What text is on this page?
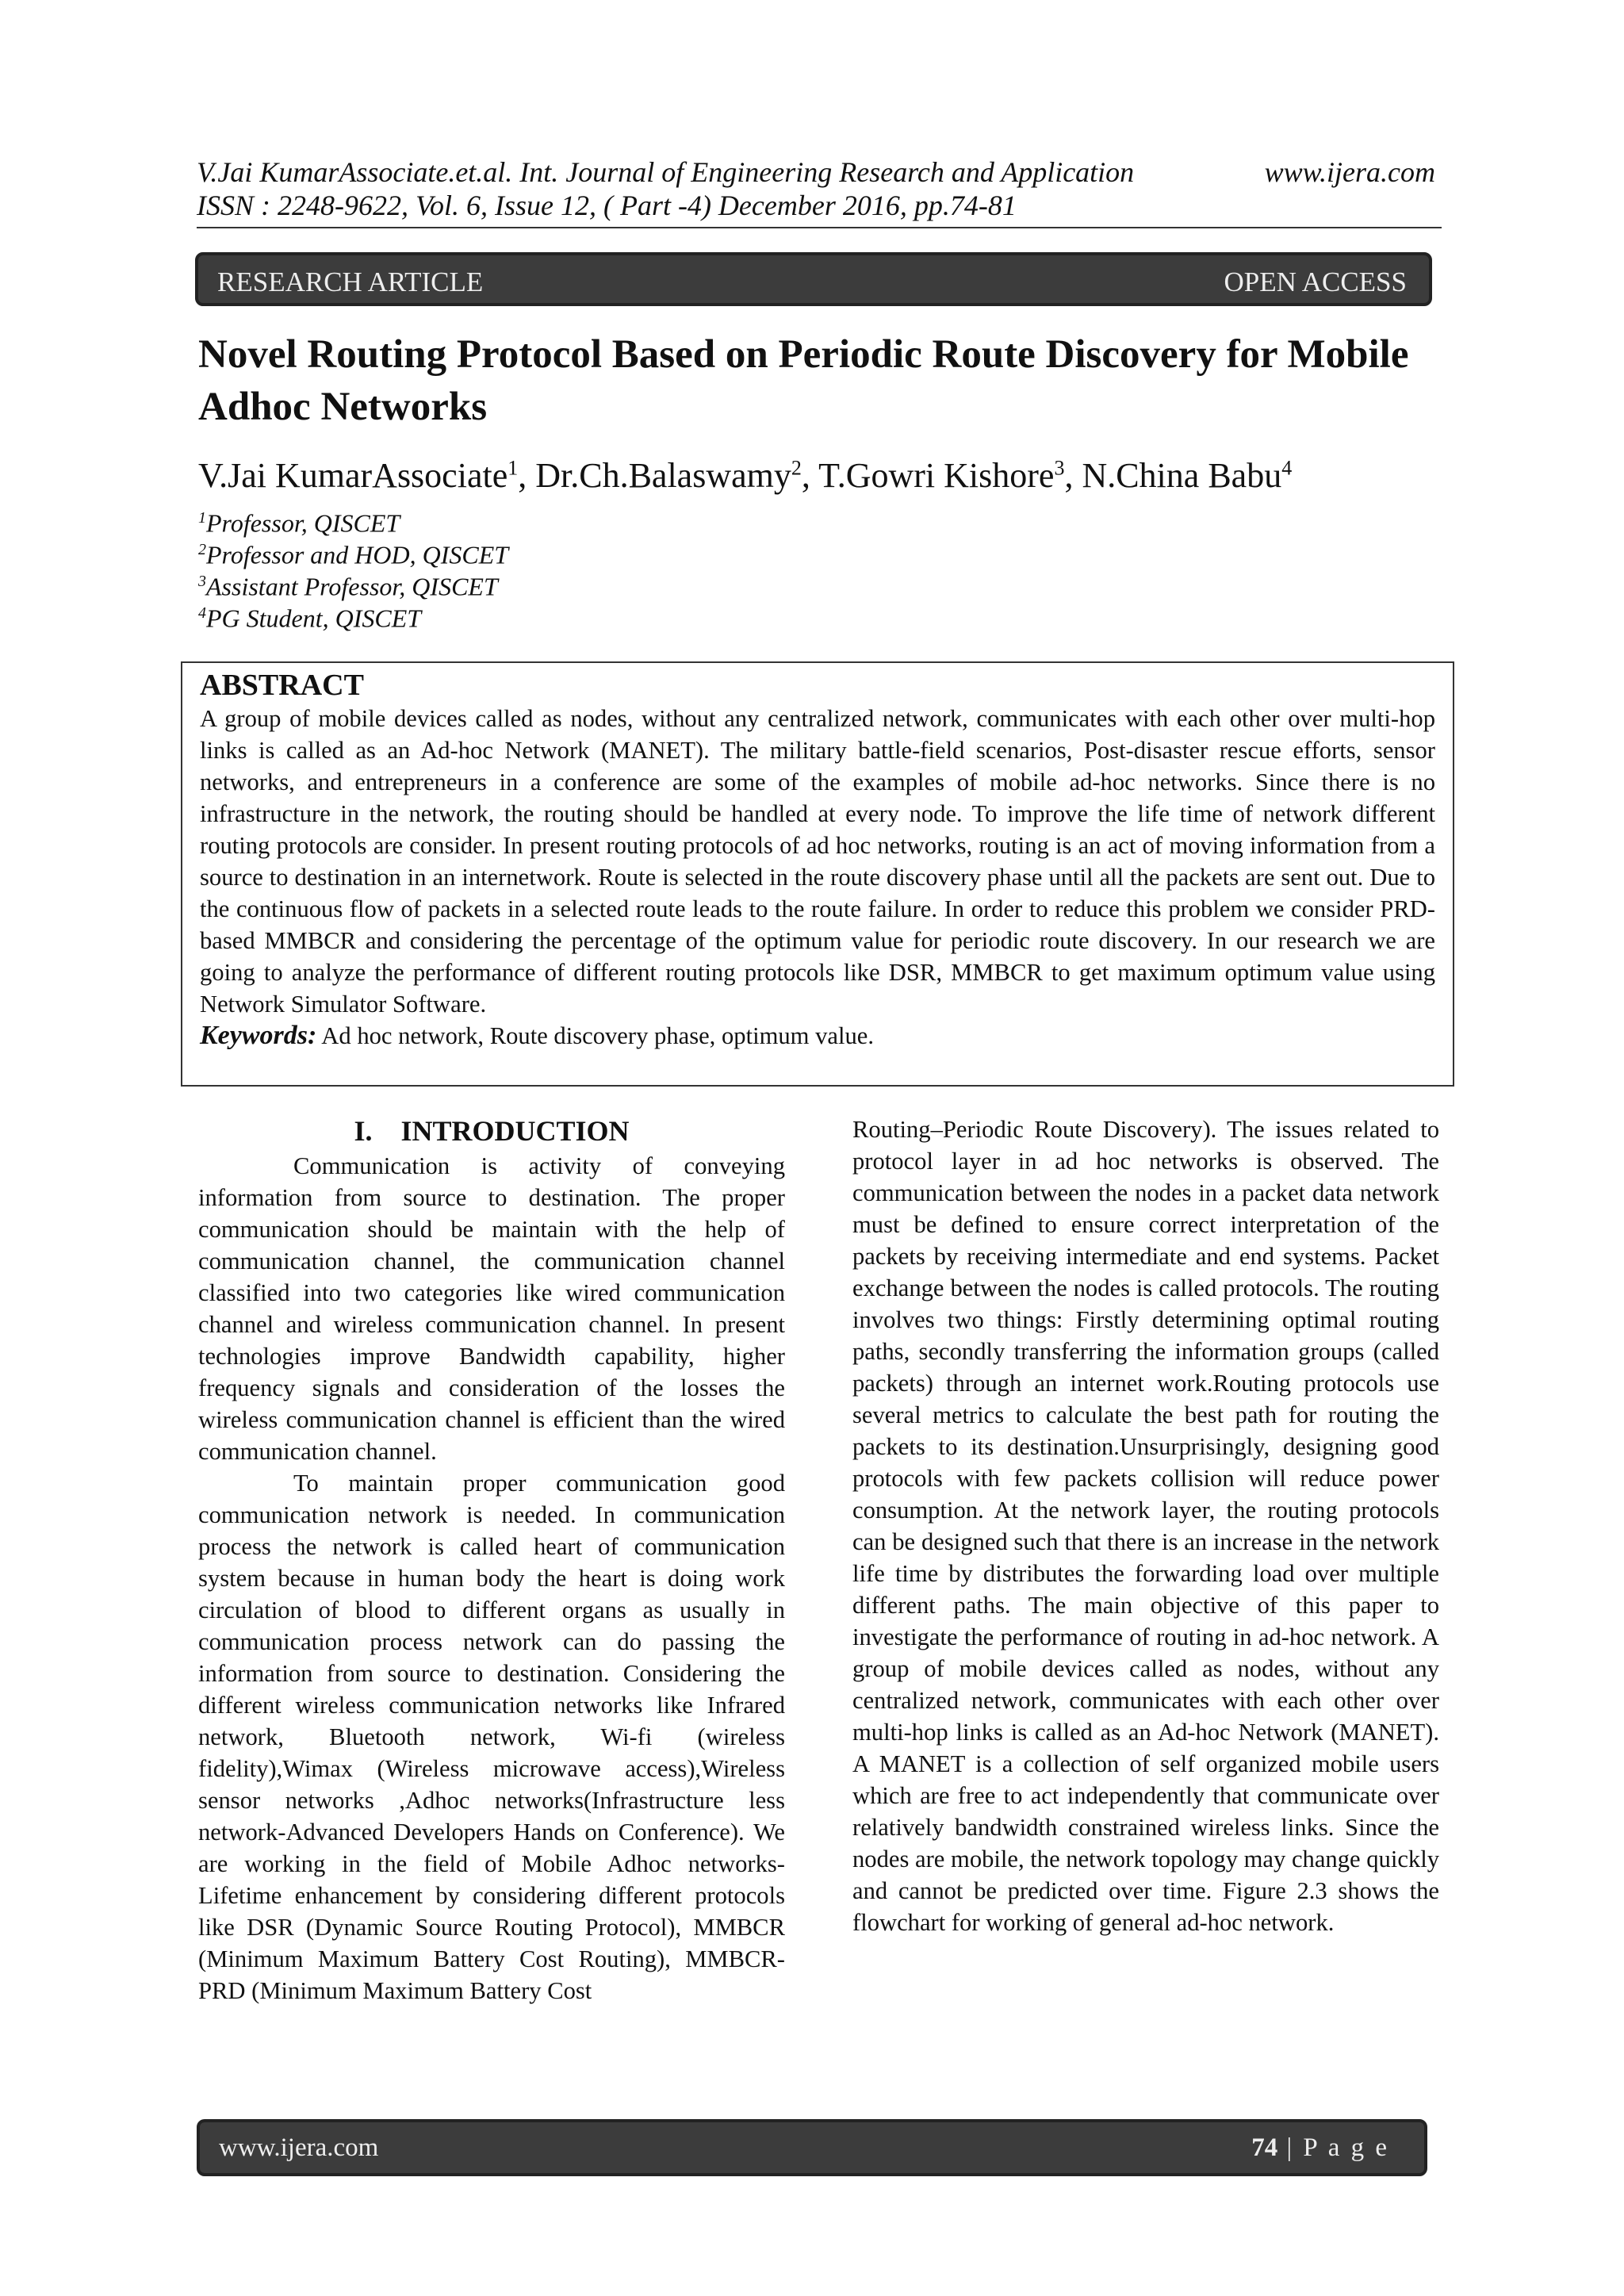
V.Jai KumarAssociate.et.al. Int. Journal of Engineering Research and Application
ISSN : 2248-9622, Vol. 6, Issue 12, ( Part -4) December 2016, pp.74-81
www.ijera.com
RESEARCH ARTICLE	OPEN ACCESS
Novel Routing Protocol Based on Periodic Route Discovery for Mobile Adhoc Networks
V.Jai KumarAssociate$^1$, Dr.Ch.Balaswamy$^2$, T.Gowri Kishore$^3$, N.China Babu$^4$
$^1$Professor, QISCET
$^2$Professor and HOD, QISCET
$^3$Assistant Professor, QISCET
$^4$PG Student, QISCET
ABSTRACT

A group of mobile devices called as nodes, without any centralized network, communicates with each other over multi-hop links is called as an Ad-hoc Network (MANET). The military battle-field scenarios, Post-disaster rescue efforts, sensor networks, and entrepreneurs in a conference are some of the examples of mobile ad-hoc networks. Since there is no infrastructure in the network, the routing should be handled at every node. To improve the life time of network different routing protocols are consider. In present routing protocols of ad hoc networks, routing is an act of moving information from a source to destination in an internetwork. Route is selected in the route discovery phase until all the packets are sent out. Due to the continuous flow of packets in a selected route leads to the route failure. In order to reduce this problem we consider PRD-based MMBCR and considering the percentage of the optimum value for periodic route discovery. In our research we are going to analyze the performance of different routing protocols like DSR, MMBCR to get maximum optimum value using Network Simulator Software.

Keywords: Ad hoc network, Route discovery phase, optimum value.
I. INTRODUCTION

Communication is activity of conveying information from source to destination. The proper communication should be maintain with the help of communication channel, the communication channel classified into two categories like wired communication channel and wireless communication channel. In present technologies improve Bandwidth capability, higher frequency signals and consideration of the losses the wireless communication channel is efficient than the wired communication channel.

To maintain proper communication good communication network is needed. In communication process the network is called heart of communication system because in human body the heart is doing work circulation of blood to different organs as usually in communication process network can do passing the information from source to destination. Considering the different wireless communication networks like Infrared network, Bluetooth network, Wi-fi (wireless fidelity),Wimax (Wireless microwave access),Wireless sensor networks ,Adhoc networks(Infrastructure less network-Advanced Developers Hands on Conference). We are working in the field of Mobile Adhoc networks- Lifetime enhancement by considering different protocols like DSR (Dynamic Source Routing Protocol), MMBCR (Minimum Maximum Battery Cost Routing), MMBCR-PRD (Minimum Maximum Battery Cost

Routing–Periodic Route Discovery). The issues related to protocol layer in ad hoc networks is observed. The communication between the nodes in a packet data network must be defined to ensure correct interpretation of the packets by receiving intermediate and end systems. Packet exchange between the nodes is called protocols. The routing involves two things: Firstly determining optimal routing paths, secondly transferring the information groups (called packets) through an internet work.Routing protocols use several metrics to calculate the best path for routing the packets to its destination.Unsurprisingly, designing good protocols with few packets collision will reduce power consumption. At the network layer, the routing protocols can be designed such that there is an increase in the network life time by distributes the forwarding load over multiple different paths. The main objective of this paper to investigate the performance of routing in ad-hoc network. A group of mobile devices called as nodes, without any centralized network, communicates with each other over multi-hop links is called as an Ad-hoc Network (MANET). A MANET is a collection of self organized mobile users which are free to act independently that communicate over relatively bandwidth constrained wireless links. Since the nodes are mobile, the network topology may change quickly and cannot be predicted over time. Figure 2.3 shows the flowchart for working of general ad-hoc network.

www.ijera.com	74 | P a g e
